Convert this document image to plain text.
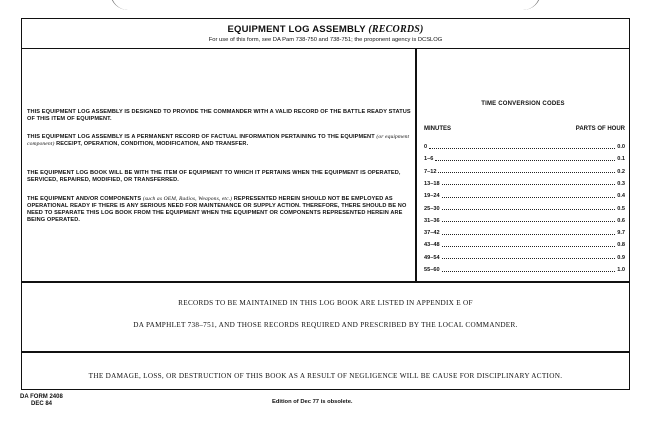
EQUIPMENT LOG ASSEMBLY (RECORDS)
For use of this form, see DA Pam 738-750 and 738-751; the proponent agency is DCSLOG
THIS EQUIPMENT LOG ASSEMBLY IS DESIGNED TO PROVIDE THE COMMANDER WITH A VALID RECORD OF THE BATTLE READY STATUS OF THIS ITEM OF EQUIPMENT.
THIS EQUIPMENT LOG ASSEMBLY IS A PERMANENT RECORD OF FACTUAL INFORMATION PERTAINING TO THE EQUIPMENT (or equipment component) RECEIPT, OPERATION, CONDITION, MODIFICATION, AND TRANSFER.
THE EQUIPMENT LOG BOOK WILL BE WITH THE ITEM OF EQUIPMENT TO WHICH IT PERTAINS WHEN THE EQUIPMENT IS OPERATED, SERVICED, REPAIRED, MODIFIED, OR TRANSFERRED.
THE EQUIPMENT AND/OR COMPONENTS (such as OEM, Radios, Weapons, etc.) REPRESENTED HEREIN SHOULD NOT BE EMPLOYED AS OPERATIONAL READY IF THERE IS ANY SERIOUS NEED FOR MAINTENANCE OR SUPPLY ACTION. THEREFORE, THERE SHOULD BE NO NEED TO SEPARATE THIS LOG BOOK FROM THE EQUIPMENT WHEN THE EQUIPMENT OR COMPONENTS REPRESENTED HEREIN ARE BEING OPERATED.
TIME CONVERSION CODES
MINUTES	PARTS OF HOUR
0	0.0
1–6	0.1
7–12	0.2
13–18	0.3
19–24	0.4
25–30	0.5
31–36	0.6
37–42	9.7
43–48	0.8
49–54	0.9
55–60	1.0
RECORDS TO BE MAINTAINED IN THIS LOG BOOK ARE LISTED IN APPENDIX E OF
DA PAMPHLET 738–751, AND THOSE RECORDS REQUIRED AND PRESCRIBED BY THE LOCAL COMMANDER.
THE DAMAGE, LOSS, OR DESTRUCTION OF THIS BOOK AS A RESULT OF NEGLIGENCE WILL BE CAUSE FOR DISCIPLINARY ACTION.
DA FORM 2408
DEC 84	Edition of Dec 77 is obsolete.
